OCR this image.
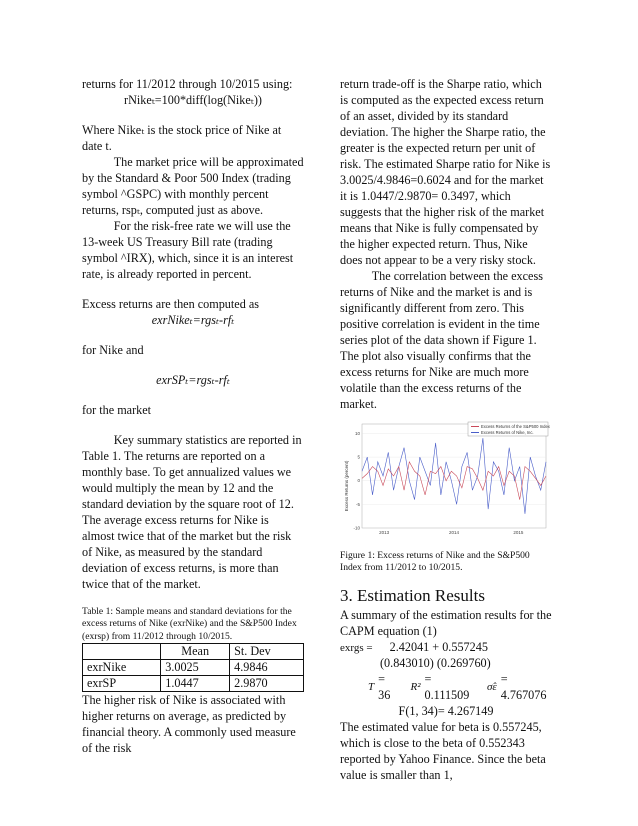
returns for 11/2012 through 10/2015 using:

rNikeₜ=100*diff(log(Nikeₜ))

Where Nikeₜ is the stock price of Nike at date t.

The market price will be approximated by the Standard & Poor 500 Index (trading symbol ^GSPC) with monthly percent returns, rspₜ, computed just as above.

For the risk-free rate we will use the 13-week US Treasury Bill rate (trading symbol ^IRX), which, since it is an interest rate, is already reported in percent.

Excess returns are then computed as

exrNikeₜ=rgsₜ-rfₜ

for Nike and

exrSPₜ=rgsₜ-rfₜ

for the market

Key summary statistics are reported in Table 1. The returns are reported on a monthly base. To get annualized values we would multiply the mean by 12 and the standard deviation by the square root of 12. The average excess returns for Nike is almost twice that of the market but the risk of Nike, as measured by the standard deviation of excess returns, is more than twice that of the market.

Table 1: Sample means and standard deviations for the excess returns of Nike (exrNike) and the S&P500 Index (exrsp) from 11/2012 through 10/2015.

	Mean	St. Dev
exrNike	3.0025	4.9846
exrSP	1.0447	2.9870

The higher risk of Nike is associated with higher returns on average, as predicted by financial theory. A commonly used measure of the risk

return trade-off is the Sharpe ratio, which is computed as the expected excess return of an asset, divided by its standard deviation. The higher the Sharpe ratio, the greater is the expected return per unit of risk. The estimated Sharpe ratio for Nike is 3.0025/4.9846=0.6024 and for the market it is 1.0447/2.9870= 0.3497, which suggests that the higher risk of the market means that Nike is fully compensated by the higher expected return. Thus, Nike does not appear to be a very risky stock.

The correlation between the excess returns of Nike and the market is and is significantly different from zero. This positive correlation is evident in the time series plot of the data shown if Figure 1. The plot also visually confirms that the excess returns for Nike are much more volatile than the excess returns of the market.

10
5
0
-5
-10
2013	2014	2015
Excess Returns (percent)
Excess Returns of the S&P500 Index
Excess Returns of Nike, Inc.

Figure 1: Excess returns of Nike and the S&P500 Index from 11/2012 to 10/2015.

3. Estimation Results

A summary of the estimation results for the CAPM equation (1)

exrgs = 2.42041 + 0.557245

(0.843010) (0.269760)

T
= 36
R²
= 0.111509
σ̂ε
= 4.767076

F(1, 34)= 4.267149

The estimated value for beta is 0.557245, which is close to the beta of 0.552343 reported by Yahoo Finance. Since the beta value is smaller than 1,
